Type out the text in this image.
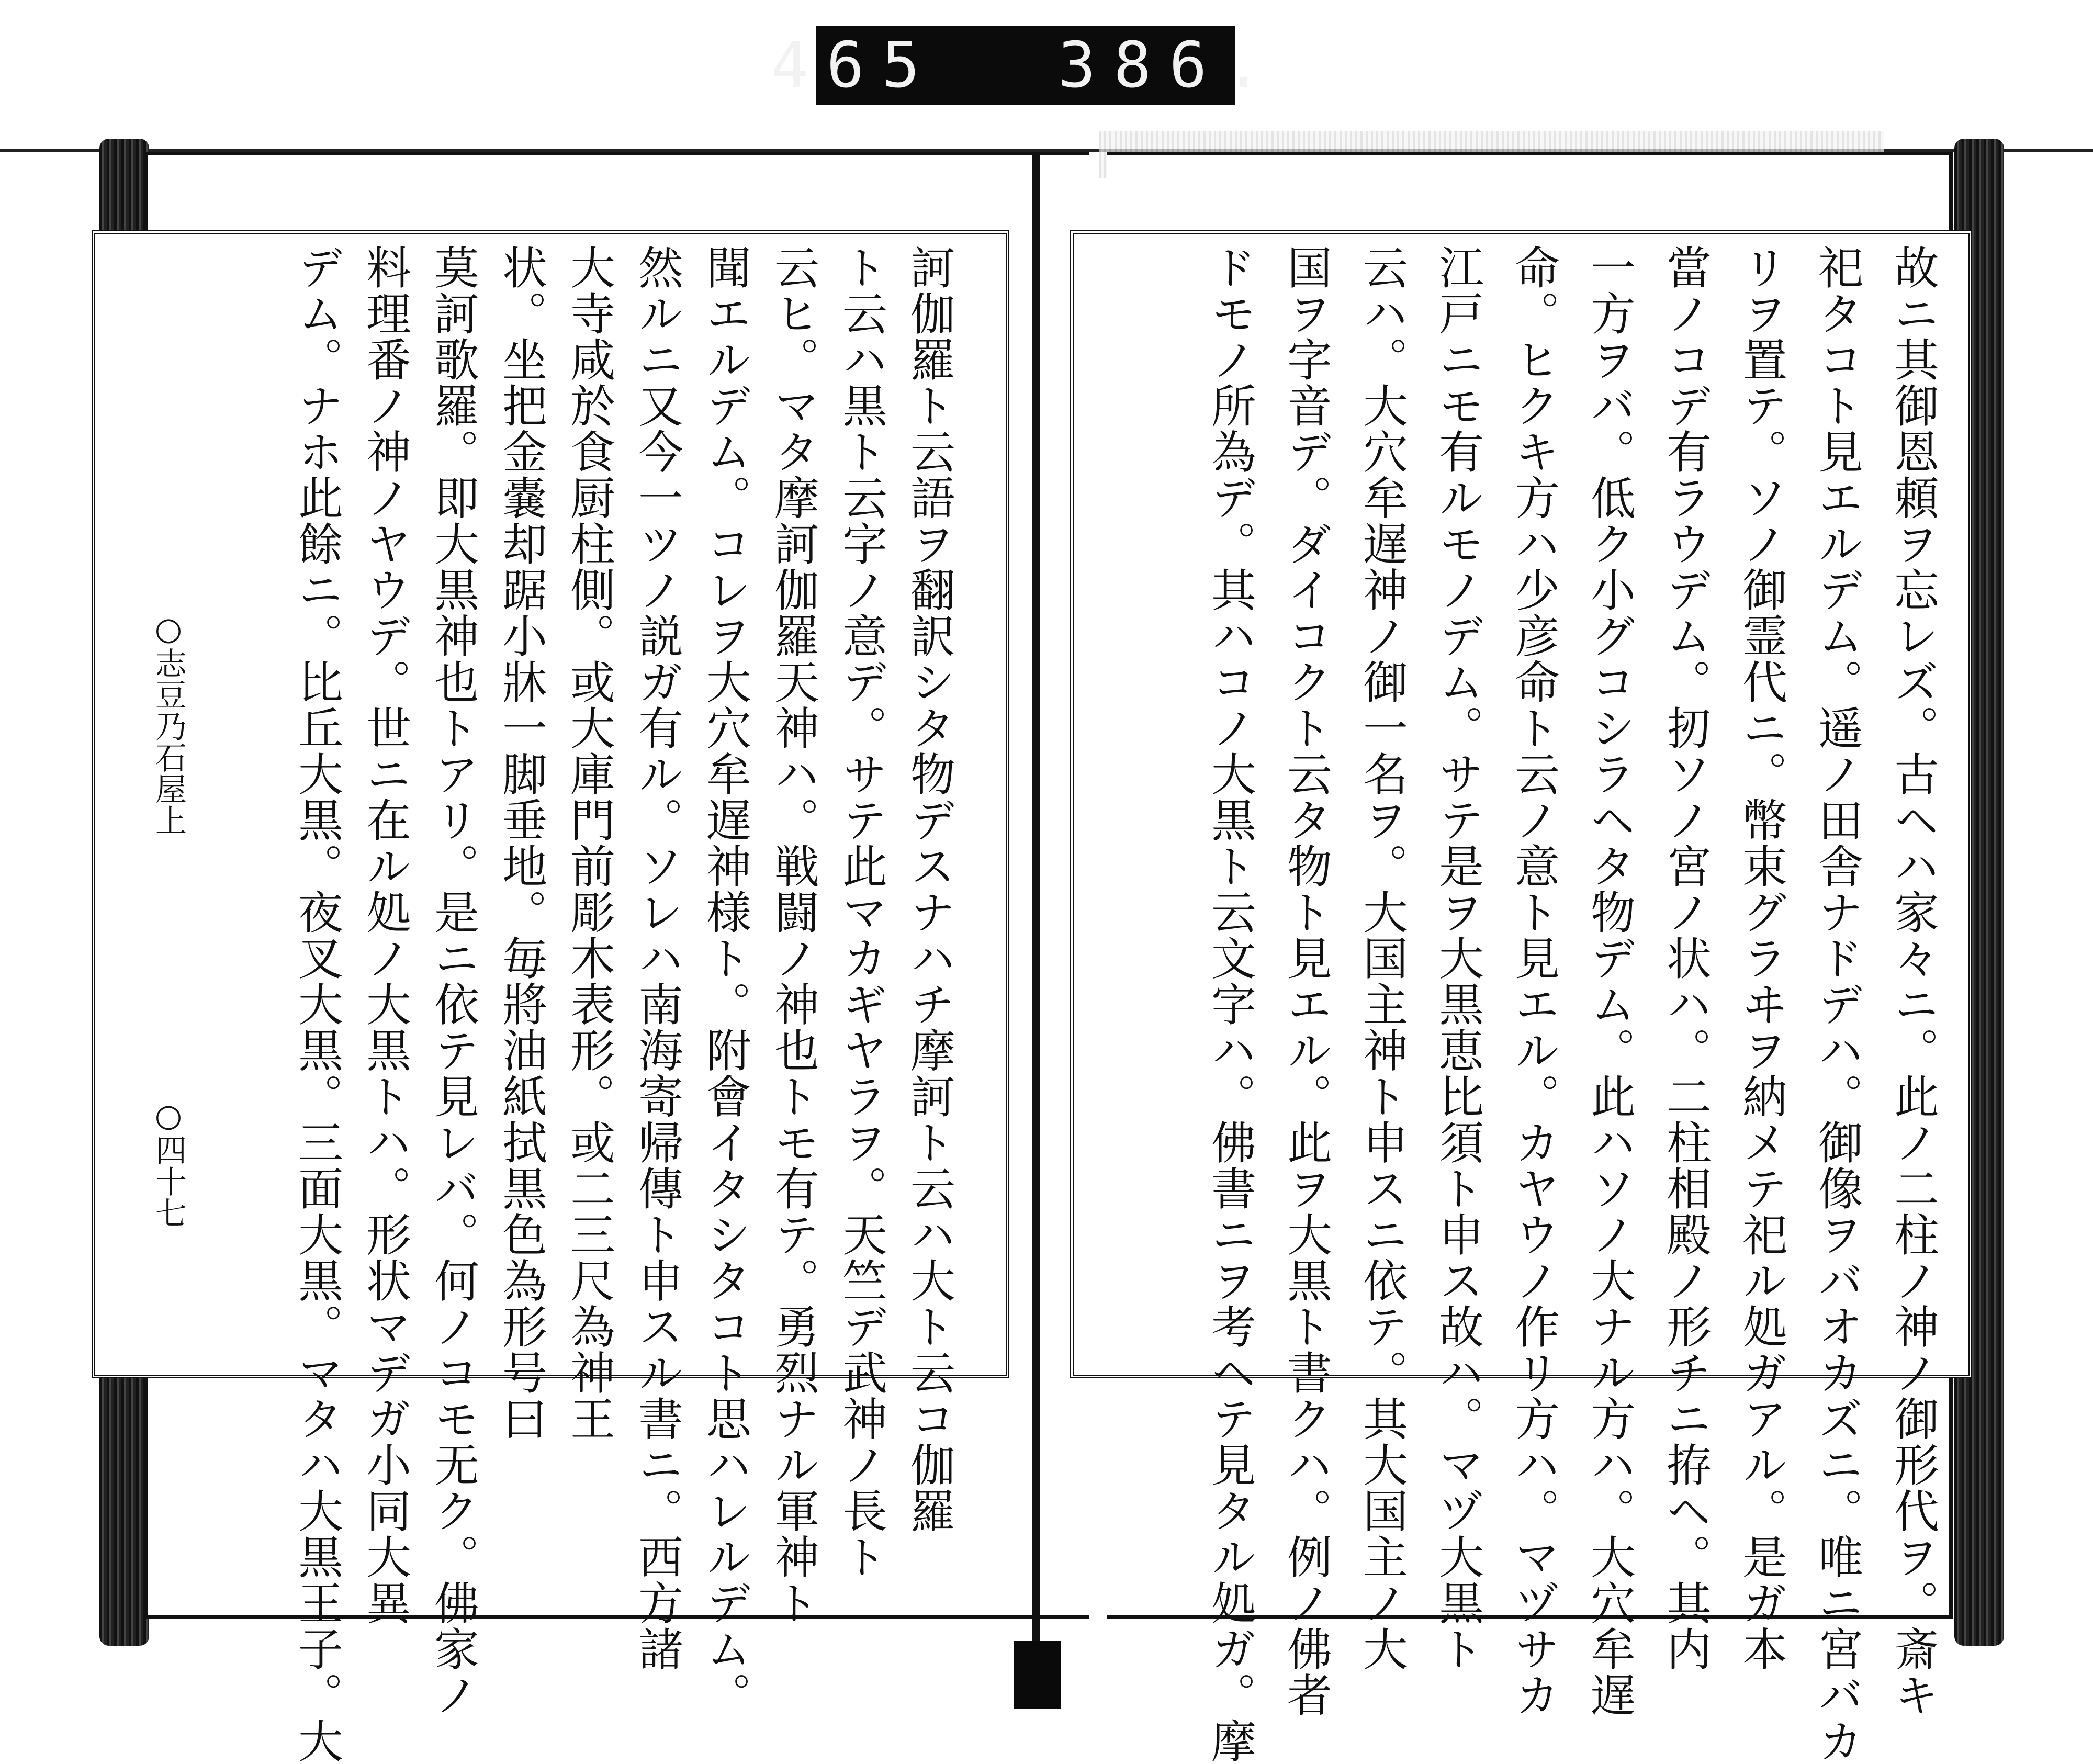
465 386.
○志豆乃石屋上
○四十七	訶伽羅ト云語ヲ翻訳シタ物デスナハチ摩訶ト云ハ大ト云コ伽羅
ト云ハ黒ト云字ノ意デ。サテ此マカギヤラヲ。天竺デ武神ノ長ト
云ヒ。マタ摩訶伽羅天神ハ。戦闘ノ神也トモ有テ。勇烈ナル軍神ト
聞エルデム。コレヲ大穴牟遅神様ト。附會イタシタコト思ハレルデム。
然ルニ又今一ツノ説ガ有ル。ソレハ南海寄帰傳ト申スル書ニ。西方諸
大寺咸於食厨柱側。或大庫門前彫木表形。或二三尺為神王
状。坐把金嚢却踞小牀一脚垂地。毎將油紙拭黒色為形号曰
莫訶歌羅。即大黒神也トアリ。是ニ依テ見レバ。何ノコモ无ク。佛家ノ
料理番ノ神ノヤウデ。世ニ在ル処ノ大黒トハ。形状マデガ小同大異
デム。ナホ此餘ニ。比丘大黒。夜叉大黒。三面大黒。マタハ大黒王子。大	故ニ其御恩頼ヲ忘レズ。古ヘハ家々ニ。此ノ二柱ノ神ノ御形代ヲ。斎キ
祀タコト見エルデム。遥ノ田舎ナドデハ。御像ヲバオカズニ。唯ニ宮バカ
リヲ置テ。ソノ御霊代ニ。幣束グラヰヲ納メテ祀ル処ガアル。是ガ本
當ノコデ有ラウデム。扨ソノ宮ノ状ハ。二柱相殿ノ形チニ拵ヘ。其内
一方ヲバ。低ク小グコシラヘタ物デム。此ハソノ大ナル方ハ。大穴牟遅
命。ヒクキ方ハ少彦命ト云ノ意ト見エル。カヤウノ作リ方ハ。マヅサカ
江戸ニモ有ルモノデム。サテ是ヲ大黒恵比須ト申ス故ハ。マヅ大黒ト
云ハ。大穴牟遅神ノ御一名ヲ。大国主神ト申スニ依テ。其大国主ノ大
国ヲ字音デ。ダイコクト云タ物ト見エル。此ヲ大黒ト書クハ。例ノ佛者
ドモノ所為デ。其ハコノ大黒ト云文字ハ。佛書ニヲ考ヘテ見タル処ガ。摩
